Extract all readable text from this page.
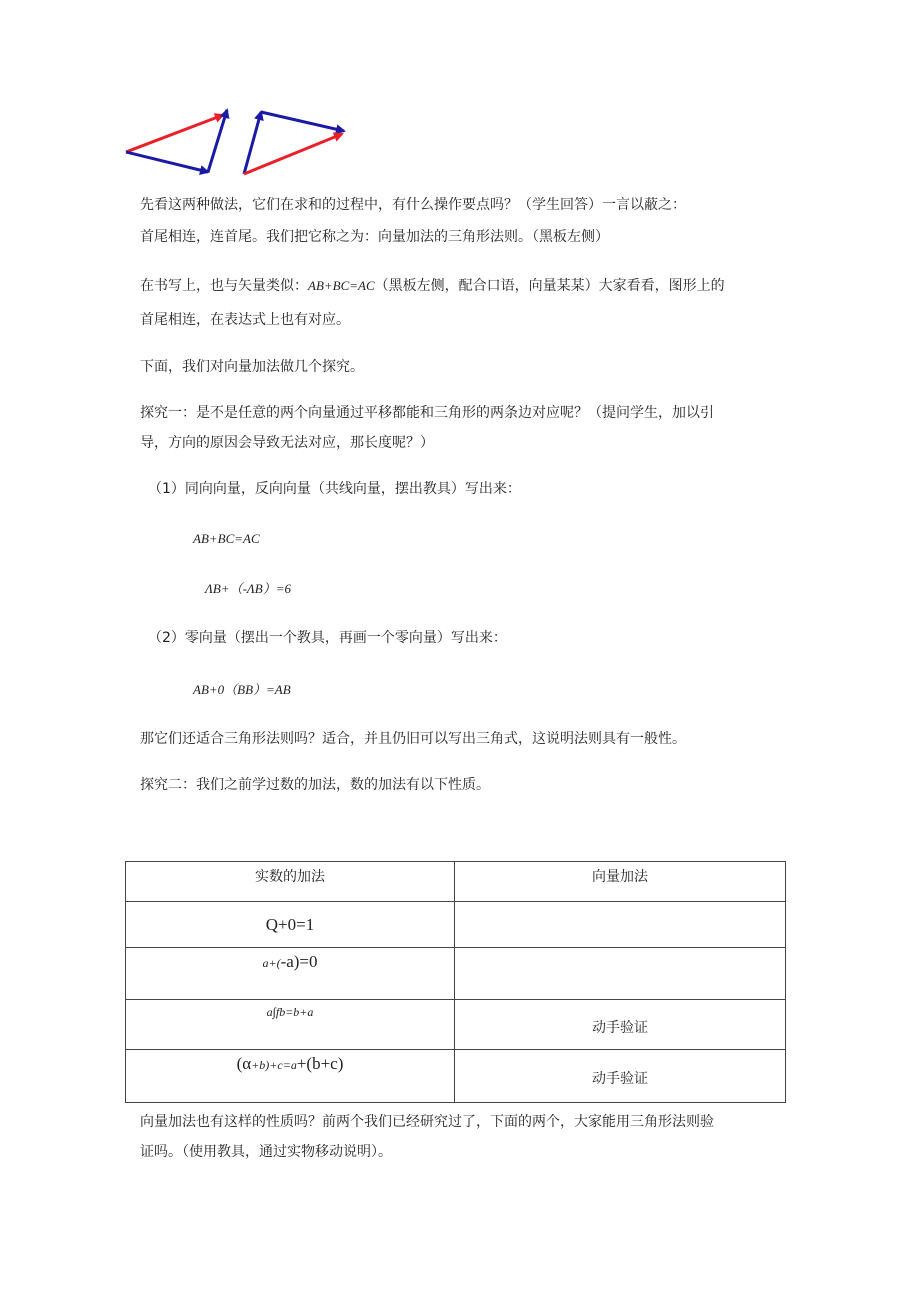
先看这两种做法，它们在求和的过程中，有什么操作要点吗？（学生回答）一言以蔽之：

首尾相连，连首尾。我们把它称之为：向量加法的三角形法则。（黑板左侧）

在书写上，也与矢量类似：AB+BC=AC（黑板左侧，配合口语，向量某某）大家看看，图形上的

首尾相连，在表达式上也有对应。

下面，我们对向量加法做几个探究。

探究一：是不是任意的两个向量通过平移都能和三角形的两条边对应呢？（提问学生，加以引

导，方向的原因会导致无法对应，那长度呢？）

（1）同向向量，反向向量（共线向量，摆出教具）写出来：

AB+BC=AC

ΛB+（-ΛB）=6

（2）零向量（摆出一个教具，再画一个零向量）写出来：

AB+0（BB）=AB

那它们还适合三角形法则吗？适合，并且仍旧可以写出三角式，这说明法则具有一般性。

探究二：我们之前学过数的加法，数的加法有以下性质。

实数的加法	向量加法
Q+0=1	
a+(-a)=0	
a∫fb=b+a	动手验证
(α+b)+c=a+(b+c)	动手验证

向量加法也有这样的性质吗？前两个我们已经研究过了，下面的两个，大家能用三角形法则验

证吗。（使用教具，通过实物移动说明）。
